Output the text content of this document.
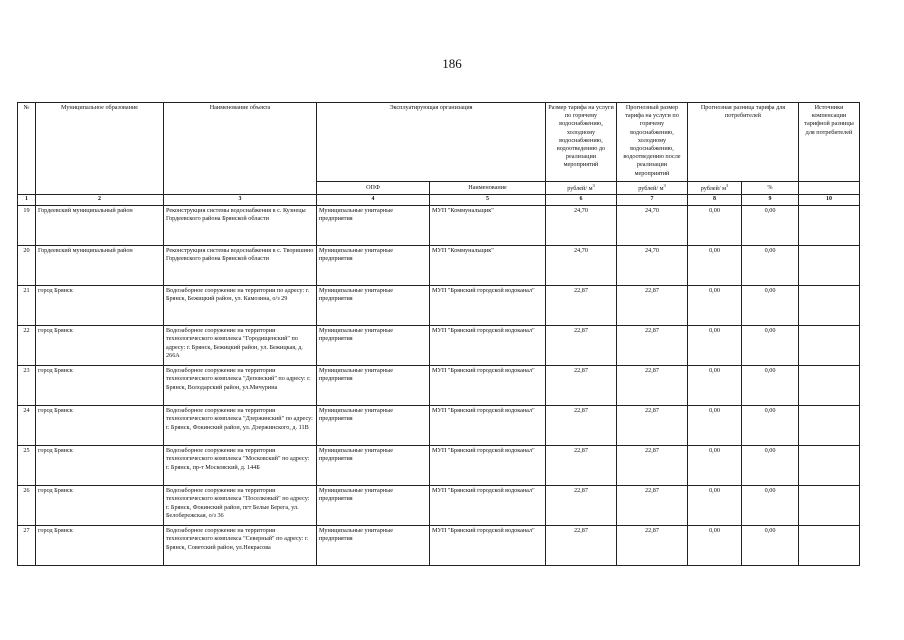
186
№	Муниципальное образование	Наименование объекта	Эксплуатирующая организация		Размер тарифа на услуги по горячему водоснабжению, холодному водоснабжению, водоотведению до реализации мероприятий	Прогнозный размер тарифа на услуги по горячему водоснабжению, холодному водоснабжению, водоотведению после реализации мероприятий	Прогнозная разница тарифа для потребителей		Источники компенсации тарифной разницы для потребителей
			ОПФ	Наименование	рублей/ $м^3$	рублей/ $м^3$	рублей/ $м^3$	%	
1	2	3	4	5	6	7	8	9	10
19	Гордеевский муниципальный район	Реконструкция системы водоснабжения в с. Кузнецы Гордеевского района Брянской области	Муниципальные унитарные предприятия	МУП "Коммунальщик"	24,70	24,70	0,00	0,00	
20	Гордеевский муниципальный район	Реконструкция системы водоснабжения в с. Творишино Гордеевского района Брянской области	Муниципальные унитарные предприятия	МУП "Коммунальщик"	24,70	24,70	0,00	0,00	
21	город Брянск	Водозаборное сооружение на территории по адресу: г. Брянск, Бежицкий район, ул. Камозина, о/з 29	Муниципальные унитарные предприятия	МУП "Брянский городской водоканал"	22,87	22,87	0,00	0,00	
22	город Брянск	Водозаборное сооружение на территории технологического комплекса "Городищенский" по адресу: г. Брянск, Бежицкий район, ул. Бежицкая, д. 266А	Муниципальные унитарные предприятия	МУП "Брянский городской водоканал"	22,87	22,87	0,00	0,00	
23	город Брянск	Водозаборное сооружение на территории технологического комплекса "Деповский" по адресу: г. Брянск, Володарский район, ул.Мичурина	Муниципальные унитарные предприятия	МУП "Брянский городской водоканал"	22,87	22,87	0,00	0,00	
24	город Брянск	Водозаборное сооружение на территории технологического комплекса "Дзержинский" по адресу: г. Брянск, Фокинский район, ул. Дзержинского, д. 11В	Муниципальные унитарные предприятия	МУП "Брянский городской водоканал"	22,87	22,87	0,00	0,00	
25	город Брянск	Водозаборное сооружение на территории технологического комплекса "Московский" по адресу: г. Брянск, пр-т Московский, д. 144Б	Муниципальные унитарные предприятия	МУП "Брянский городской водоканал"	22,87	22,87	0,00	0,00	
26	город Брянск	Водозаборное сооружение на территории технологического комплекса "Поселковый" по адресу: г. Брянск, Фокинский район, пгт Белые Берега, ул. Белобережская, о/з 36	Муниципальные унитарные предприятия	МУП "Брянский городской водоканал"	22,87	22,87	0,00	0,00	
27	город Брянск	Водозаборное сооружение на территории технологического комплекса "Северный" по адресу: г. Брянск, Советский район, ул.Некрасова	Муниципальные унитарные предприятия	МУП "Брянский городской водоканал"	22,87	22,87	0,00	0,00	
